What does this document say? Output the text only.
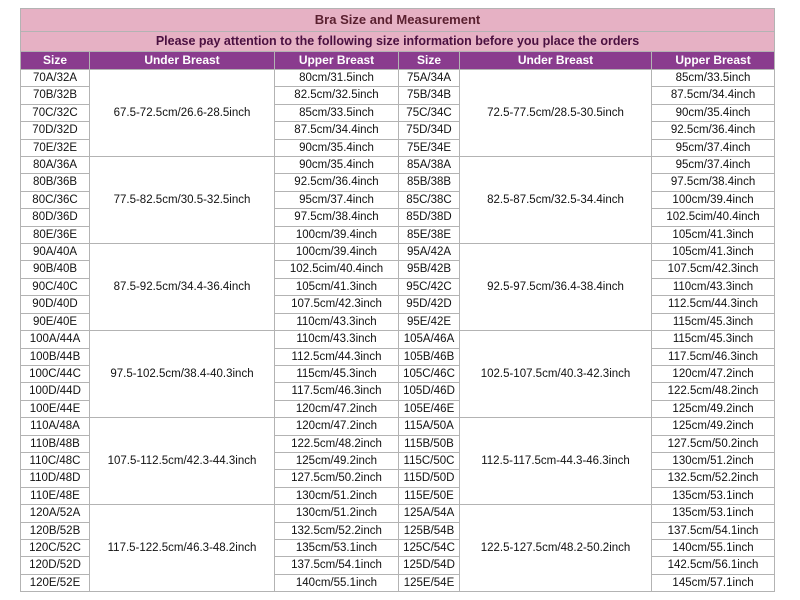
Bra Size and Measurement					
Please pay attention to the following size information before you place the orders					
Size	Under Breast	Upper Breast	Size	Under Breast	Upper Breast
70A/32A	67.5-72.5cm/26.6-28.5inch	80cm/31.5inch	75A/34A	72.5-77.5cm/28.5-30.5inch	85cm/33.5inch
70B/32B		82.5cm/32.5inch	75B/34B		87.5cm/34.4inch
70C/32C		85cm/33.5inch	75C/34C		90cm/35.4inch
70D/32D		87.5cm/34.4inch	75D/34D		92.5cm/36.4inch
70E/32E		90cm/35.4inch	75E/34E		95cm/37.4inch
80A/36A	77.5-82.5cm/30.5-32.5inch	90cm/35.4inch	85A/38A	82.5-87.5cm/32.5-34.4inch	95cm/37.4inch
80B/36B		92.5cm/36.4inch	85B/38B		97.5cm/38.4inch
80C/36C		95cm/37.4inch	85C/38C		100cm/39.4inch
80D/36D		97.5cm/38.4inch	85D/38D		102.5cim/40.4inch
80E/36E		100cm/39.4inch	85E/38E		105cm/41.3inch
90A/40A	87.5-92.5cm/34.4-36.4inch	100cm/39.4inch	95A/42A	92.5-97.5cm/36.4-38.4inch	105cm/41.3inch
90B/40B		102.5cim/40.4inch	95B/42B		107.5cm/42.3inch
90C/40C		105cm/41.3inch	95C/42C		110cm/43.3inch
90D/40D		107.5cm/42.3inch	95D/42D		112.5cm/44.3inch
90E/40E		110cm/43.3inch	95E/42E		115cm/45.3inch
100A/44A	97.5-102.5cm/38.4-40.3inch	110cm/43.3inch	105A/46A	102.5-107.5cm/40.3-42.3inch	115cm/45.3inch
100B/44B		112.5cm/44.3inch	105B/46B		117.5cm/46.3inch
100C/44C		115cm/45.3inch	105C/46C		120cm/47.2inch
100D/44D		117.5cm/46.3inch	105D/46D		122.5cm/48.2inch
100E/44E		120cm/47.2inch	105E/46E		125cm/49.2inch
110A/48A	107.5-112.5cm/42.3-44.3inch	120cm/47.2inch	115A/50A	112.5-117.5cm-44.3-46.3inch	125cm/49.2inch
110B/48B		122.5cm/48.2inch	115B/50B		127.5cm/50.2inch
110C/48C		125cm/49.2inch	115C/50C		130cm/51.2inch
110D/48D		127.5cm/50.2inch	115D/50D		132.5cm/52.2inch
110E/48E		130cm/51.2inch	115E/50E		135cm/53.1inch
120A/52A	117.5-122.5cm/46.3-48.2inch	130cm/51.2inch	125A/54A	122.5-127.5cm/48.2-50.2inch	135cm/53.1inch
120B/52B		132.5cm/52.2inch	125B/54B		137.5cm/54.1inch
120C/52C		135cm/53.1inch	125C/54C		140cm/55.1inch
120D/52D		137.5cm/54.1inch	125D/54D		142.5cm/56.1inch
120E/52E		140cm/55.1inch	125E/54E		145cm/57.1inch
